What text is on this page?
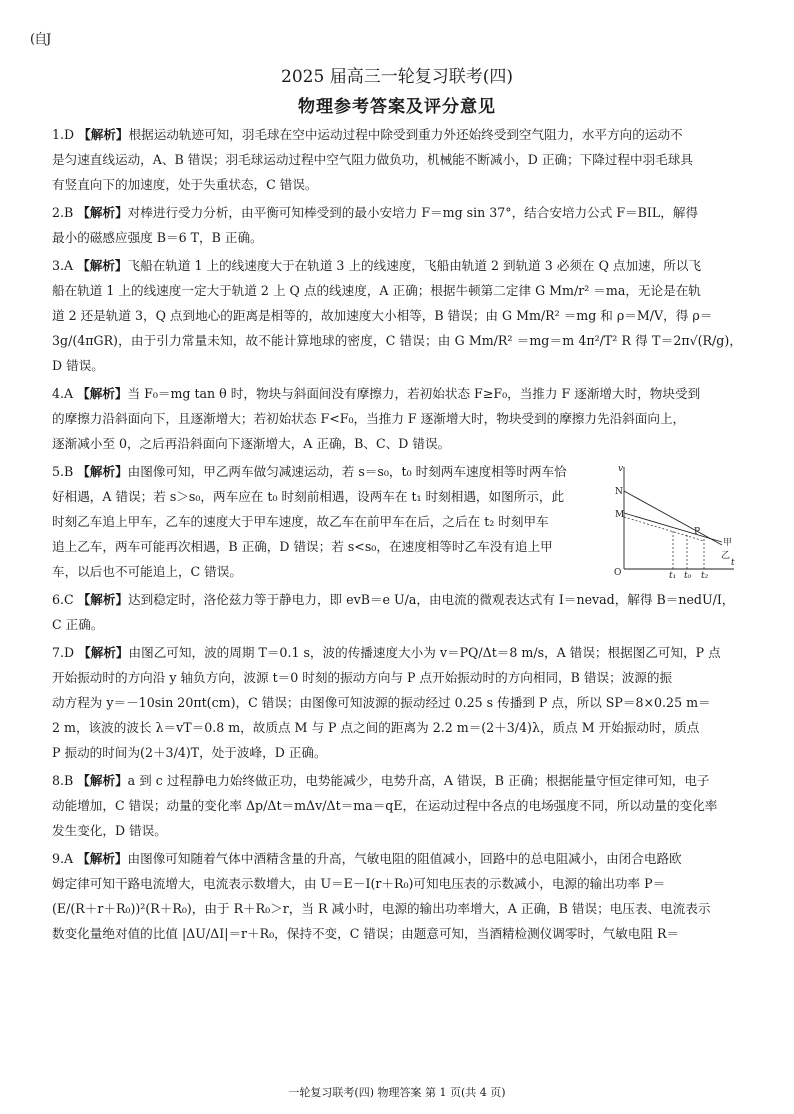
(自J
2025 届高三一轮复习联考(四)
物理参考答案及评分意见
1.D 【解析】根据运动轨迹可知，羽毛球在空中运动过程中除受到重力外还始终受到空气阻力，水平方向的运动不
是匀速直线运动，A、B 错误；羽毛球运动过程中空气阻力做负功，机械能不断减小，D 正确；下降过程中羽毛球具
有竖直向下的加速度，处于失重状态，C 错误。
2.B 【解析】对棒进行受力分析，由平衡可知棒受到的最小安培力 F＝mg sin 37°，结合安培力公式 F＝BIL，解得
最小的磁感应强度 B＝6 T，B 正确。
3.A 【解析】飞船在轨道 1 上的线速度大于在轨道 3 上的线速度，飞船由轨道 2 到轨道 3 必须在 Q 点加速，所以飞
船在轨道 1 上的线速度一定大于轨道 2 上 Q 点的线速度，A 正确；根据牛顿第二定律 G Mm/r² ＝ma，无论是在轨
道 2 还是轨道 3，Q 点到地心的距离是相等的，故加速度大小相等，B 错误；由 G Mm/R² ＝mg 和 ρ＝M/V，得 ρ＝
3g/(4πGR)，由于引力常量未知，故不能计算地球的密度，C 错误；由 G Mm/R² ＝mg＝m 4π²/T² R 得 T＝2π√(R/g)，D 错误。
4.A 【解析】当 F₀＝mg tan θ 时，物块与斜面间没有摩擦力，若初始状态 F≥F₀，当推力 F 逐渐增大时，物块受到
的摩擦力沿斜面向下，且逐渐增大；若初始状态 F<F₀，当推力 F 逐渐增大时，物块受到的摩擦力先沿斜面向上，
逐渐减小至 0，之后再沿斜面向下逐渐增大，A 正确，B、C、D 错误。
5.B 【解析】由图像可知，甲乙两车做匀减速运动，若 s＝s₀，t₀ 时刻两车速度相等时两车恰
好相遇，A 错误；若 s＞s₀，两车应在 t₀ 时刻前相遇，设两车在 t₁ 时刻相遇，如图所示，此
时刻乙车追上甲车，乙车的速度大于甲车速度，故乙车在前甲车在后，之后在 t₂ 时刻甲车
追上乙车，两车可能再次相遇，B 正确，D 错误；若 s<s₀，在速度相等时乙车没有追上甲
车，以后也不可能追上，C 错误。
v
O
t
N
M
P
t₁ t₀ t₂
甲
乙
6.C 【解析】达到稳定时，洛伦兹力等于静电力，即 evB＝e U/a，由电流的微观表达式有 I＝nevad，解得 B＝nedU/I，
C 正确。
7.D 【解析】由图乙可知，波的周期 T＝0.1 s，波的传播速度大小为 v＝PQ/Δt＝8 m/s，A 错误；根据图乙可知，P 点
开始振动时的方向沿 y 轴负方向，波源 t＝0 时刻的振动方向与 P 点开始振动时的方向相同，B 错误；波源的振
动方程为 y＝－10sin 20πt(cm)，C 错误；由图像可知波源的振动经过 0.25 s 传播到 P 点，所以 SP＝8×0.25 m＝
2 m，该波的波长 λ＝vT＝0.8 m，故质点 M 与 P 点之间的距离为 2.2 m＝(2＋3/4)λ，质点 M 开始振动时，质点
P 振动的时间为(2＋3/4)T，处于波峰，D 正确。
8.B 【解析】a 到 c 过程静电力始终做正功，电势能减少，电势升高，A 错误，B 正确；根据能量守恒定律可知，电子
动能增加，C 错误；动量的变化率 Δp/Δt＝mΔv/Δt＝ma＝qE，在运动过程中各点的电场强度不同，所以动量的变化率
发生变化，D 错误。
9.A 【解析】由图像可知随着气体中酒精含量的升高，气敏电阻的阻值减小，回路中的总电阻减小，由闭合电路欧
姆定律可知干路电流增大，电流表示数增大，由 U＝E－I(r＋R₀)可知电压表的示数减小，电源的输出功率 P＝
(E/(R＋r＋R₀))²(R＋R₀)，由于 R＋R₀＞r，当 R 减小时，电源的输出功率增大，A 正确，B 错误；电压表、电流表示
数变化量绝对值的比值 |ΔU/ΔI|＝r＋R₀，保持不变，C 错误；由题意可知，当酒精检测仪调零时，气敏电阻 R＝
一轮复习联考(四) 物理答案 第 1 页(共 4 页)
